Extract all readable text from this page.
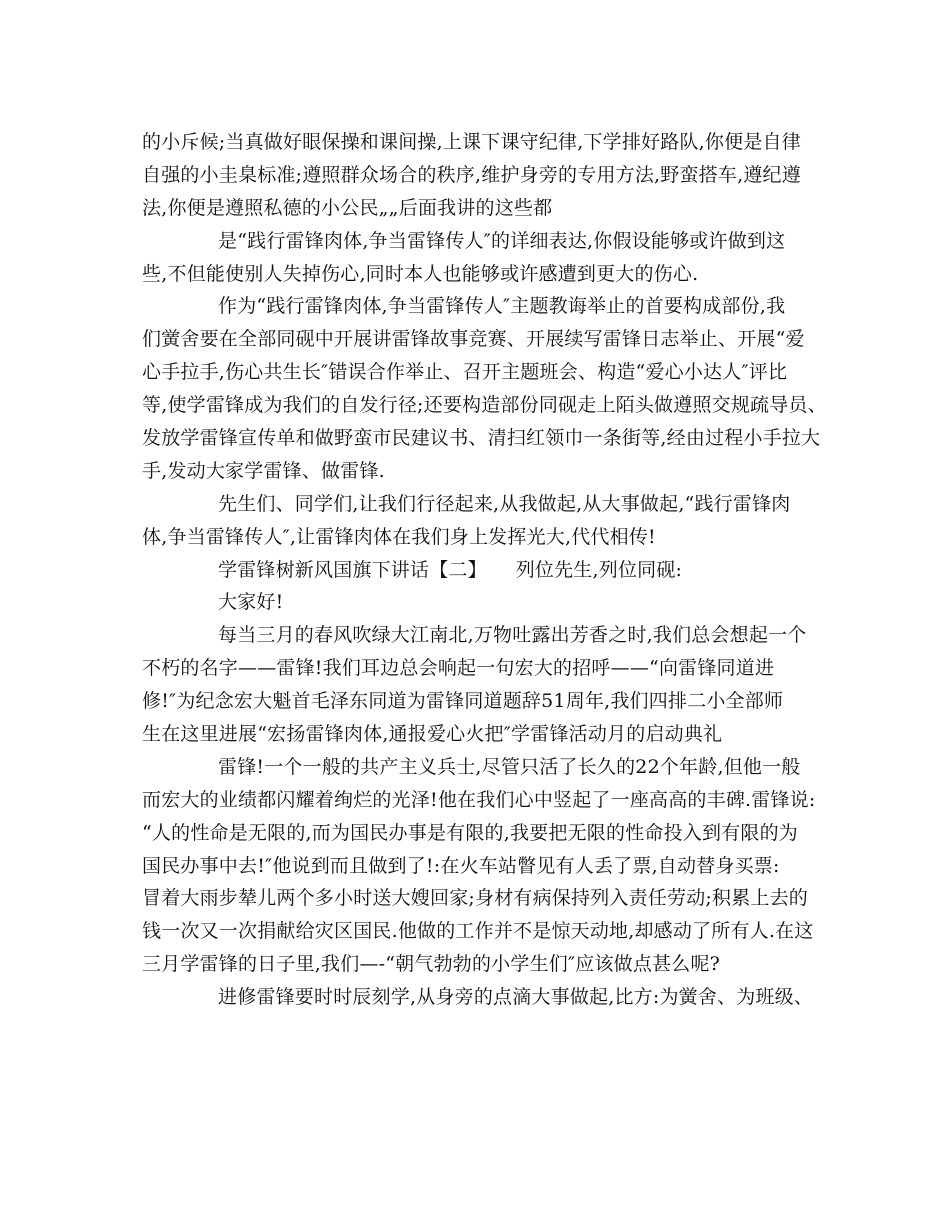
的小斥候;当真做好眼保操和课间操,上课下课守纪律,下学排好路队,你便是自律
自强的小圭臬标准;遵照群众场合的秩序,维护身旁的专用方法,野蛮搭车,遵纪遵
法,你便是遵照私德的小公民„„后面我讲的这些都
是“践行雷锋肉体,争当雷锋传人″的详细表达,你假设能够或许做到这
些,不但能使别人失掉伤心,同时本人也能够或许感遭到更大的伤心.
作为“践行雷锋肉体,争当雷锋传人″主题教诲举止的首要构成部份,我
们黉舍要在全部同砚中开展讲雷锋故事竞赛、开展续写雷锋日志举止、开展“爱
心手拉手,伤心共生长″错误合作举止、召开主题班会、构造“爱心小达人″评比
等,使学雷锋成为我们的自发行径;还要构造部份同砚走上陌头做遵照交规疏导员、
发放学雷锋宣传单和做野蛮市民建议书、清扫红领巾一条街等,经由过程小手拉大
手,发动大家学雷锋、做雷锋.
先生们、同学们,让我们行径起来,从我做起,从大事做起,“践行雷锋肉
体,争当雷锋传人″,让雷锋肉体在我们身上发挥光大,代代相传!
学雷锋树新风国旗下讲话【二】　　列位先生,列位同砚:
大家好!
每当三月的春风吹绿大江南北,万物吐露出芳香之时,我们总会想起一个
不朽的名字——雷锋!我们耳边总会响起一句宏大的招呼——“向雷锋同道进
修!″为纪念宏大魁首毛泽东同道为雷锋同道题辞51周年,我们四排二小全部师
生在这里进展“宏扬雷锋肉体,通报爱心火把″学雷锋活动月的启动典礼
雷锋!一个一般的共产主义兵士,尽管只活了长久的22个年龄,但他一般
而宏大的业绩都闪耀着绚烂的光泽!他在我们心中竖起了一座高高的丰碑.雷锋说:
“人的性命是无限的,而为国民办事是有限的,我要把无限的性命投入到有限的为
国民办事中去!″他说到而且做到了!:在火车站瞥见有人丢了票,自动替身买票:
冒着大雨步辇儿两个多小时送大嫂回家;身材有病保持列入责任劳动;积累上去的
钱一次又一次捐献给灾区国民.他做的工作并不是惊天动地,却感动了所有人.在这
三月学雷锋的日子里,我们—-“朝气勃勃的小学生们″应该做点甚么呢?
进修雷锋要时时辰刻学,从身旁的点滴大事做起,比方:为黉舍、为班级、
